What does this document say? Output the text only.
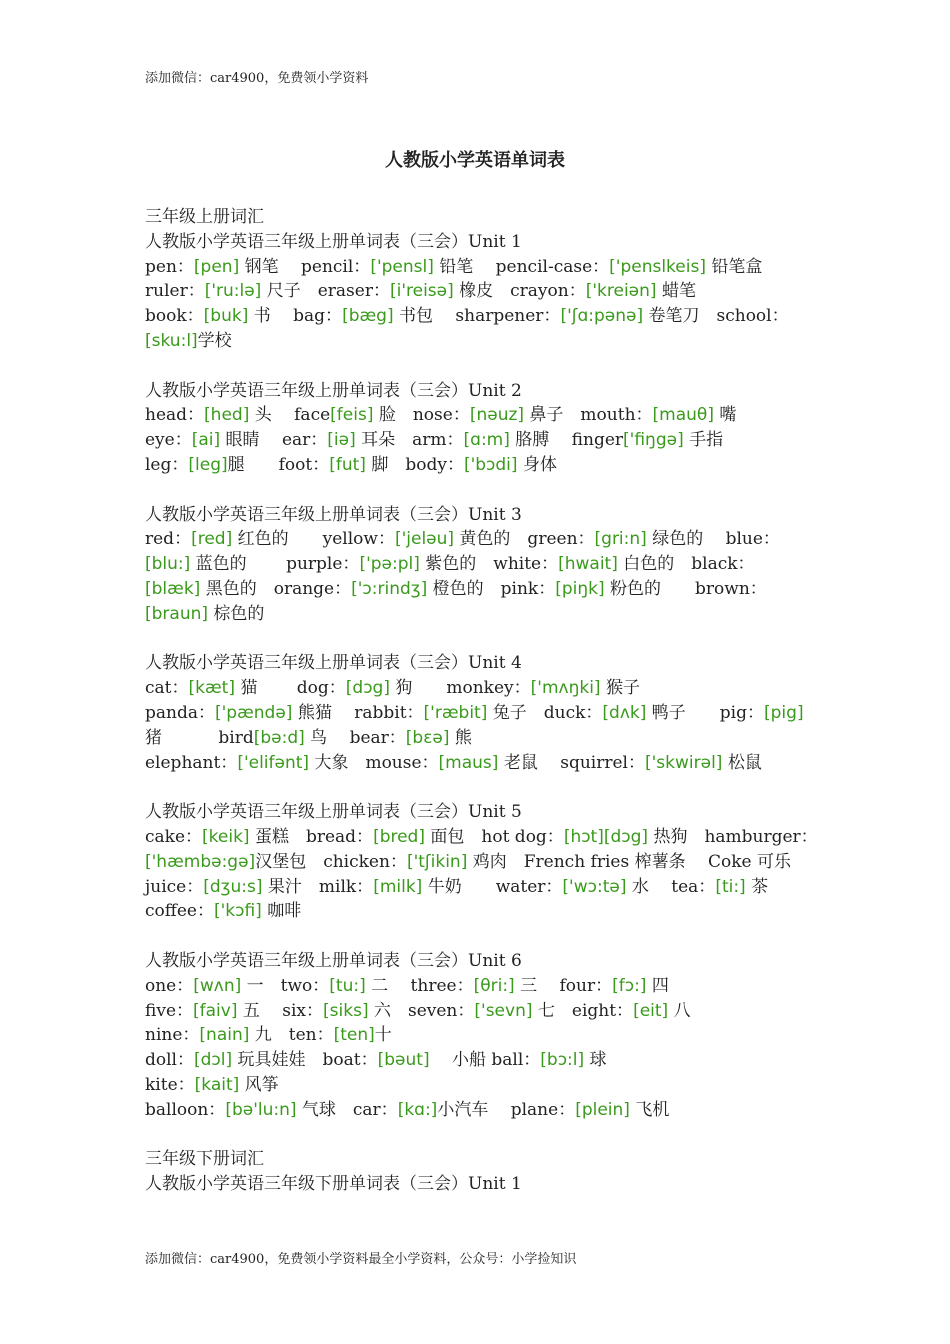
添加微信：car4900，免费领小学资料
人教版小学英语单词表
三年级上册词汇
人教版小学英语三年级上册单词表（三会）Unit 1
pen：[pen] 钢笔　 pencil：['pensl] 铅笔　 pencil-case：['penslkeis] 铅笔盒
ruler：['ru:lə] 尺子　eraser：[i'reisə] 橡皮　crayon：['kreiən] 蜡笔
book：[buk] 书　 bag：[bæg] 书包　 sharpener：['ʃɑ:pənə] 卷笔刀　school：
[sku:l]学校
人教版小学英语三年级上册单词表（三会）Unit 2
head：[hed] 头　 face[feis] 脸　nose：[nəuz] 鼻子　mouth：[mauθ] 嘴
eye：[ai] 眼睛　 ear：[iə] 耳朵　arm：[ɑ:m] 胳膊　 finger['fiŋgə] 手指
leg：[leg]腿　　foot：[fut] 脚　body：['bɔdi] 身体
人教版小学英语三年级上册单词表（三会）Unit 3
red：[red] 红色的　　yellow：['jeləu] 黄色的　green：[gri:n] 绿色的　 blue：
[blu:] 蓝色的　　 purple：['pə:pl] 紫色的　white：[hwait] 白色的　black：
[blæk] 黑色的　orange：['ɔ:rindʒ] 橙色的　pink：[piŋk] 粉色的　　brown：
[braun] 棕色的
人教版小学英语三年级上册单词表（三会）Unit 4
cat：[kæt] 猫　　 dog：[dɔg] 狗　　monkey：['mʌŋki] 猴子
panda：['pændə] 熊猫　 rabbit：['ræbit] 兔子　duck：[dʌk] 鸭子　　pig：[pig]
猪　　　 bird[bə:d] 鸟　 bear：[bɛə] 熊
elephant：['elifənt] 大象　mouse：[maus] 老鼠　 squirrel：['skwirəl] 松鼠
人教版小学英语三年级上册单词表（三会）Unit 5
cake：[keik] 蛋糕　bread：[bred] 面包　hot dog：[hɔt][dɔg] 热狗　hamburger：
['hæmbə:gə]汉堡包　chicken：['tʃikin] 鸡肉　French fries 榨薯条　 Coke 可乐
juice：[dʒu:s] 果汁　milk：[milk] 牛奶　　water：['wɔ:tə] 水　 tea：[ti:] 茶
coffee：['kɔfi] 咖啡
人教版小学英语三年级上册单词表（三会）Unit 6
one：[wʌn] 一　two：[tu:] 二　 three：[θri:] 三　 four：[fɔ:] 四
five：[faiv] 五　 six：[siks] 六　seven：['sevn] 七　eight：[eit] 八
nine：[nain] 九　ten：[ten]十
doll：[dɔl] 玩具娃娃　boat：[bəut]　 小船 ball：[bɔ:l] 球
kite：[kait] 风筝
balloon：[bə'lu:n] 气球　car：[kɑ:]小汽车　 plane：[plein] 飞机
三年级下册词汇
人教版小学英语三年级下册单词表（三会）Unit 1
添加微信：car4900，免费领小学资料最全小学资料，公众号：小学捡知识
